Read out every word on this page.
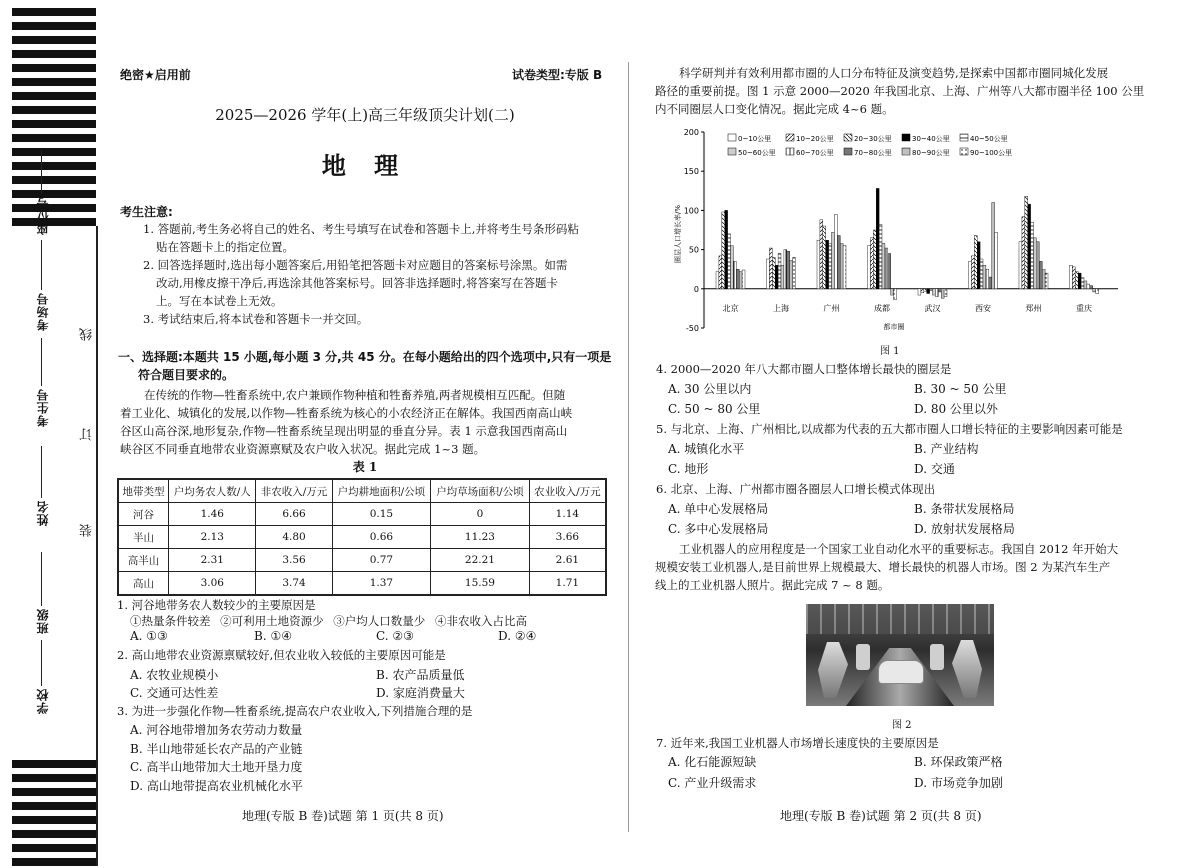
座位号
考场号
考生号
姓名
班级
学校
线
订
装
绝密★启用前	试卷类型:专版 B
2025—2026 学年(上)高三年级顶尖计划(二)
地 理
考生注意:
1. 答题前,考生务必将自己的姓名、考生号填写在试卷和答题卡上,并将考生号条形码粘
贴在答题卡上的指定位置。
2. 回答选择题时,选出每小题答案后,用铅笔把答题卡对应题目的答案标号涂黑。如需
改动,用橡皮擦干净后,再选涂其他答案标号。回答非选择题时,将答案写在答题卡
上。写在本试卷上无效。
3. 考试结束后,将本试卷和答题卡一并交回。
一、选择题:本题共 15 小题,每小题 3 分,共 45 分。在每小题给出的四个选项中,只有一项是
符合题目要求的。
在传统的作物—牲畜系统中,农户兼顾作物种植和牲畜养殖,两者规模相互匹配。但随
着工业化、城镇化的发展,以作物—牲畜系统为核心的小农经济正在解体。我国西南高山峡
谷区山高谷深,地形复杂,作物—牲畜系统呈现出明显的垂直分异。表 1 示意我国西南高山
峡谷区不同垂直地带农业资源禀赋及农户收入状况。据此完成 1~3 题。
表 1
地带类型	户均务农人数/人	非农收入/万元	户均耕地面积/公顷	户均草场面积/公顷	农业收入/万元
河谷	1.46	6.66	0.15	0	1.14
半山	2.13	4.80	0.66	11.23	3.66
高半山	2.31	3.56	0.77	22.21	2.61
高山	3.06	3.74	1.37	15.59	1.71
1. 河谷地带务农人数较少的主要原因是
①热量条件较差 ②可利用土地资源少 ③户均人口数量少 ④非农收入占比高
A. ①③	B. ①④	C. ②③	D. ②④
2. 高山地带农业资源禀赋较好,但农业收入较低的主要原因可能是
A. 农牧业规模小	B. 农产品质量低
C. 交通可达性差	D. 家庭消费量大
3. 为进一步强化作物—牲畜系统,提高农户农业收入,下列措施合理的是
A. 河谷地带增加务农劳动力数量
B. 半山地带延长农产品的产业链
C. 高半山地带加大土地开垦力度
D. 高山地带提高农业机械化水平
地理(专版 B 卷)试题 第 1 页(共 8 页)
科学研判并有效利用都市圈的人口分布特征及演变趋势,是探索中国都市圈同城化发展
路径的重要前提。图 1 示意 2000—2020 年我国北京、上海、广州等八大都市圈半径 100 公里
内不同圈层人口变化情况。据此完成 4~6 题。
-50
0
50
100
150
200
圈层人口增长率/%
北京	上海	广州	成都	武汉	西安	郑州	重庆
都市圈
0~10公里	10~20公里	20~30公里	30~40公里	40~50公里
50~60公里	60~70公里	70~80公里	80~90公里	90~100公里
图 1
4. 2000—2020 年八大都市圈人口整体增长最快的圈层是
A. 30 公里以内	B. 30 ~ 50 公里
C. 50 ~ 80 公里	D. 80 公里以外
5. 与北京、上海、广州相比,以成都为代表的五大都市圈人口增长特征的主要影响因素可能是
A. 城镇化水平	B. 产业结构
C. 地形	D. 交通
6. 北京、上海、广州都市圈各圈层人口增长模式体现出
A. 单中心发展格局	B. 条带状发展格局
C. 多中心发展格局	D. 放射状发展格局
工业机器人的应用程度是一个国家工业自动化水平的重要标志。我国自 2012 年开始大
规模安装工业机器人,是目前世界上规模最大、增长最快的机器人市场。图 2 为某汽车生产
线上的工业机器人照片。据此完成 7 ~ 8 题。
图 2
7. 近年来,我国工业机器人市场增长速度快的主要原因是
A. 化石能源短缺	B. 环保政策严格
C. 产业升级需求	D. 市场竞争加剧
地理(专版 B 卷)试题 第 2 页(共 8 页)
